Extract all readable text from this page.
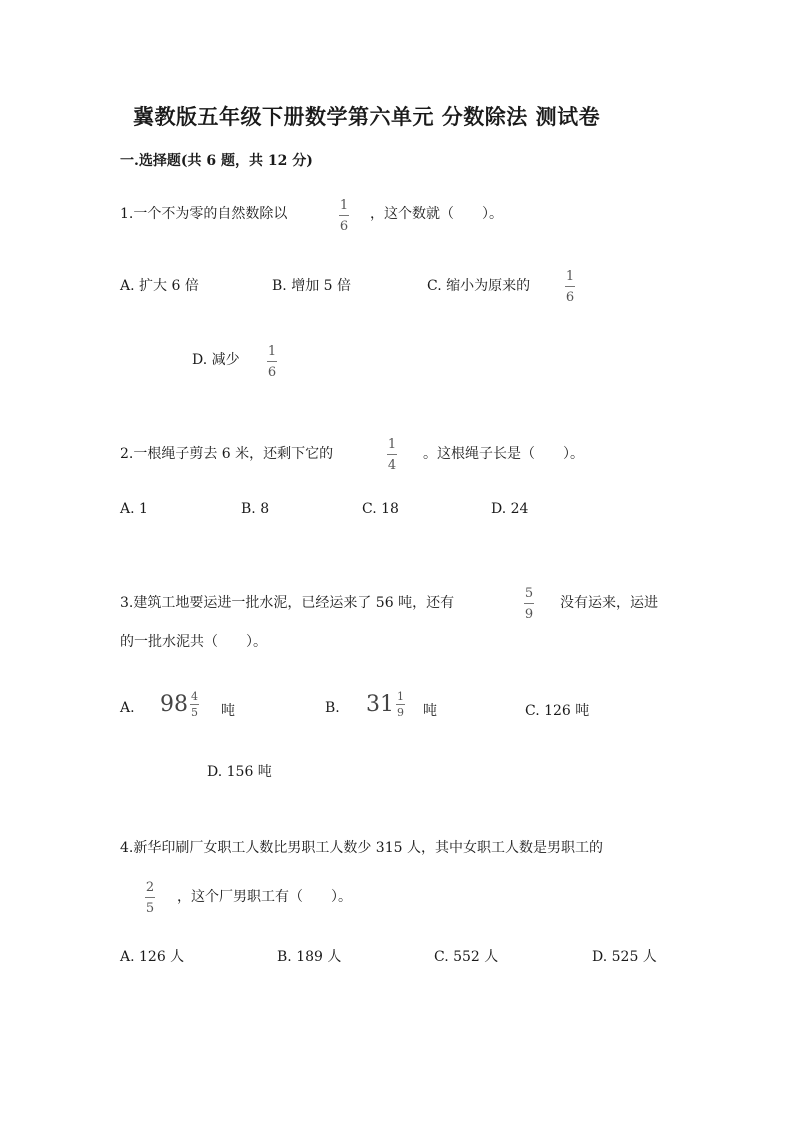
冀教版五年级下册数学第六单元 分数除法 测试卷
一.选择题(共 6 题，共 12 分)
1.一个不为零的自然数除以
1
6
，这个数就（　　）。
A. 扩大 6 倍	B. 增加 5 倍	C. 缩小为原来的
1
6
D. 减少
1
6
2.一根绳子剪去 6 米，还剩下它的
1
4
。这根绳子长是（　　）。
A. 1	B. 8	C. 18	D. 24
3.建筑工地要运进一批水泥，已经运来了 56 吨，还有
5
9
没有运来，运进
的一批水泥共（　　）。
A. $98 \frac{4}{5}$ 吨	B. $31 \frac{1}{9}$ 吨	C. 126 吨
D. 156 吨
4.新华印刷厂女职工人数比男职工人数少 315 人，其中女职工人数是男职工的
2
5
，这个厂男职工有（　　）。
A. 126 人	B. 189 人	C. 552 人	D. 525 人
